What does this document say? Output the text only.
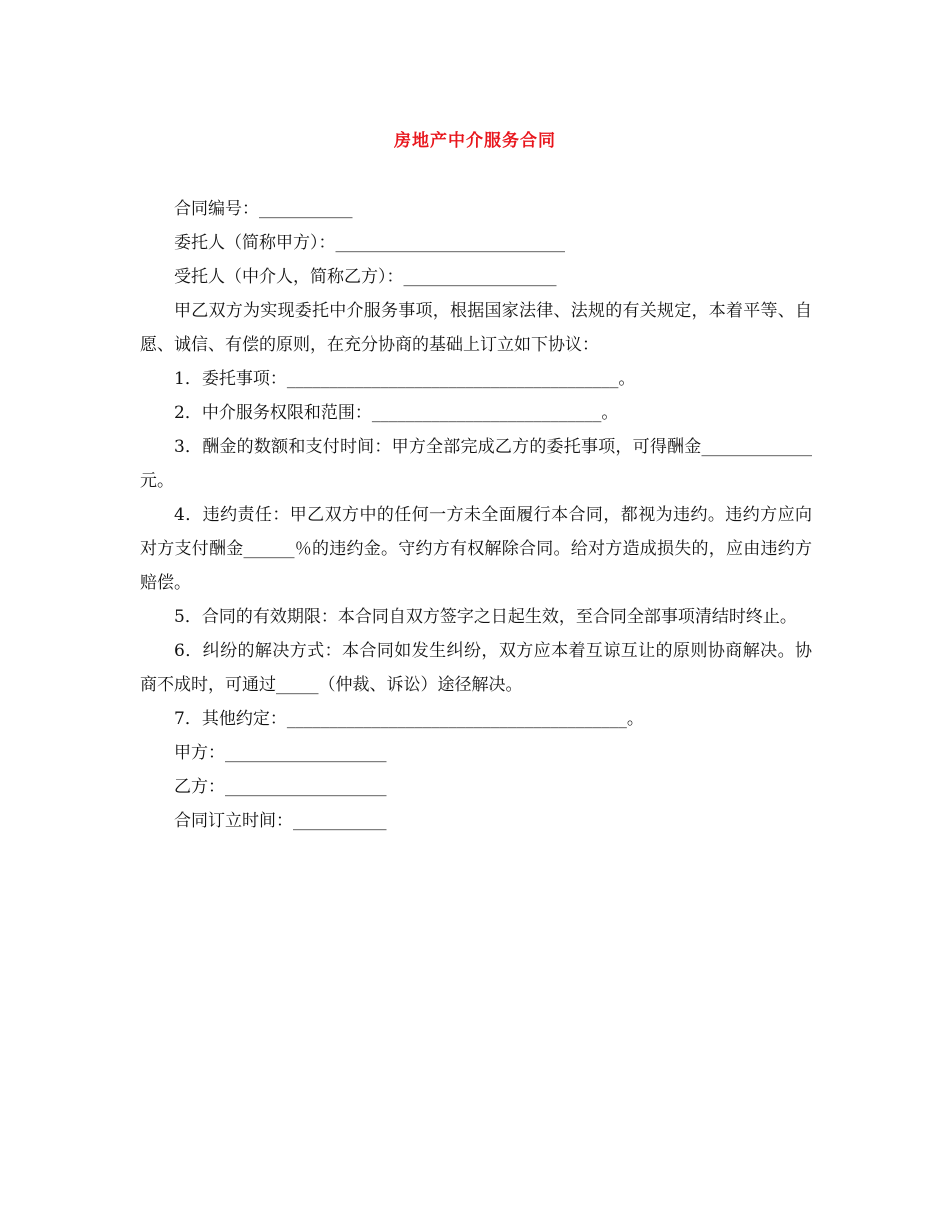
房地产中介服务合同
合同编号：___________
委托人（简称甲方）：___________________________
受托人（中介人，简称乙方）：__________________
甲乙双方为实现委托中介服务事项，根据国家法律、法规的有关规定，本着平等、自愿、诚信、有偿的原则，在充分协商的基础上订立如下协议：
1．委托事项：_______________________________________。
2．中介服务权限和范围：___________________________。
3．酬金的数额和支付时间：甲方全部完成乙方的委托事项，可得酬金_____________元。
4．违约责任：甲乙双方中的任何一方未全面履行本合同，都视为违约。违约方应向对方支付酬金______％的违约金。守约方有权解除合同。给对方造成损失的，应由违约方赔偿。
5．合同的有效期限：本合同自双方签字之日起生效，至合同全部事项清结时终止。
6．纠纷的解决方式：本合同如发生纠纷，双方应本着互谅互让的原则协商解决。协商不成时，可通过_____（仲裁、诉讼）途径解决。
7．其他约定：________________________________________。
甲方：___________________
乙方：___________________
合同订立时间：___________
